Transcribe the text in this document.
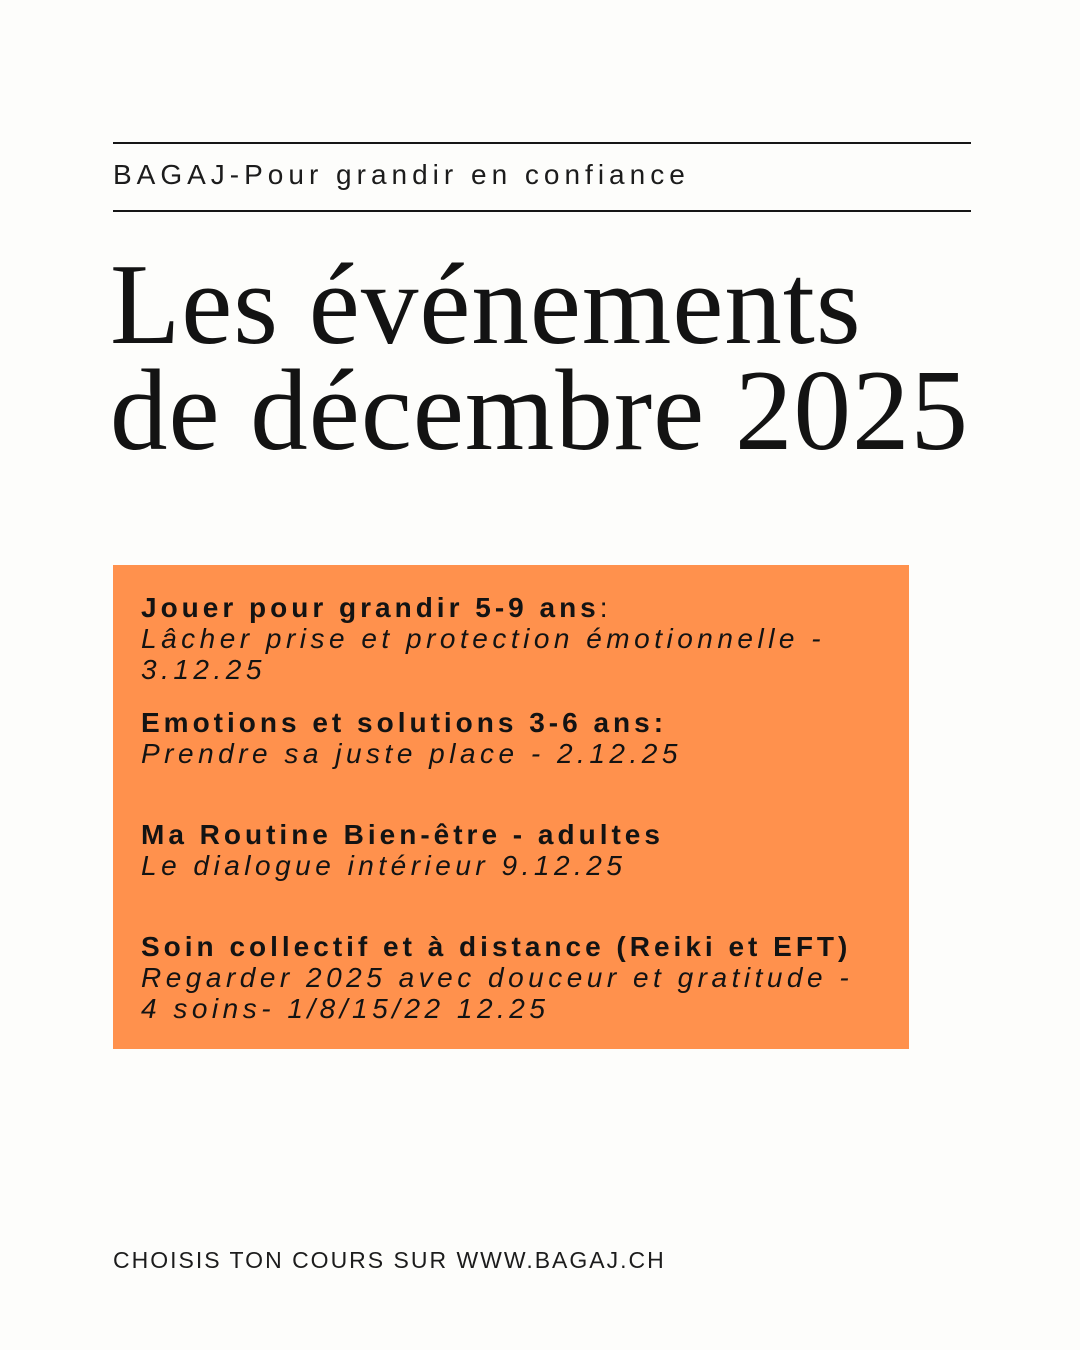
BAGAJ-Pour grandir en confiance
Les événements
de décembre 2025
Jouer pour grandir 5-9 ans:
Lâcher prise et protection émotionnelle -
3.12.25
Emotions et solutions 3-6 ans:
Prendre sa juste place - 2.12.25
Ma Routine Bien-être - adultes
Le dialogue intérieur 9.12.25
Soin collectif et à distance (Reiki et EFT)
Regarder 2025 avec douceur et gratitude -
4 soins- 1/8/15/22 12.25
CHOISIS TON COURS SUR WWW.BAGAJ.CH
